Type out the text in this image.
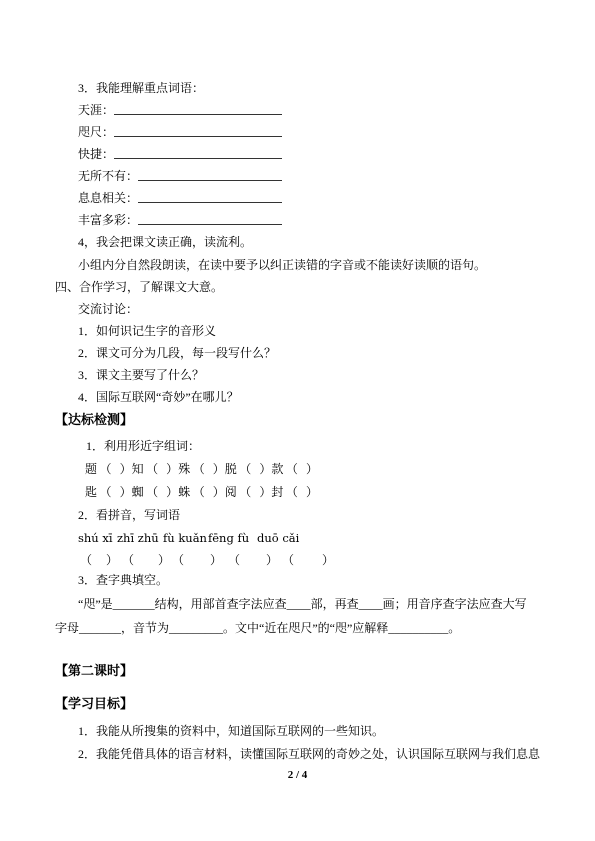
3．我能理解重点词语：
天涯：
咫尺：
快捷：
无所不有：
息息相关：
丰富多彩：
4，我会把课文读正确，读流利。
小组内分自然段朗读，在读中要予以纠正读错的字音或不能读好读顺的语句。
四、合作学习，了解课文大意。
交流讨论：
1．如何识记生字的音形义
2．课文可分为几段，每一段写什么？
3．课文主要写了什么？
4．国际互联网“奇妙”在哪儿？
【达标检测】
1．利用形近字组词：
题（ ）知（ ）殊（ ）脱（ ）款（ ）
匙（ ）蜘（ ）蛛（ ）阅（ ）封（ ）
2．看拼音，写词语
shú xī zhī zhū fù kuǎn fēng fù duō cǎi
（ ） （ ） （ ） （ ） （ ）
3．查字典填空。
“咫”是_______结构，用部首查字法应查____部，再查____画；用音序查字法应查大写
字母_______，音节为_________。文中“近在咫尺”的“咫”应解释__________。
【第二课时】
【学习目标】
1．我能从所搜集的资料中，知道国际互联网的一些知识。
2．我能凭借具体的语言材料，读懂国际互联网的奇妙之处，认识国际互联网与我们息息
2 / 4
